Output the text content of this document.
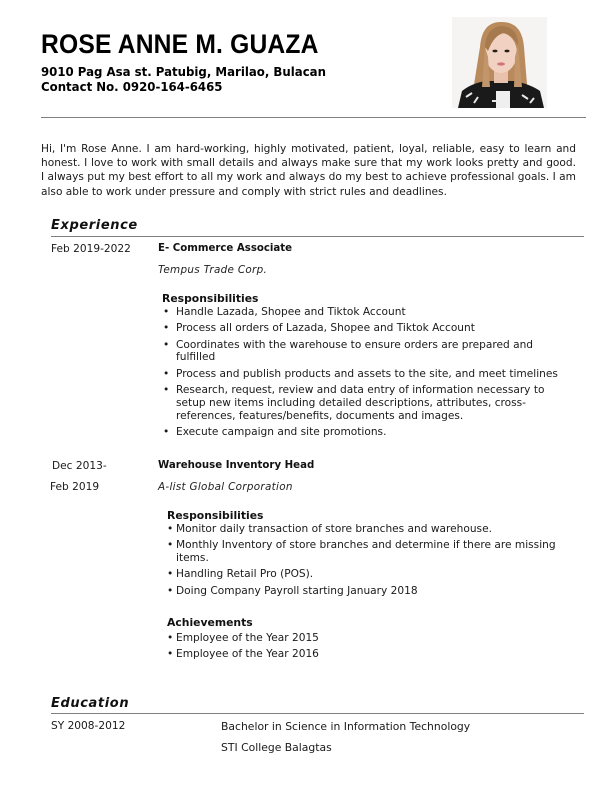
ROSE ANNE M. GUAZA
9010 Pag Asa st. Patubig, Marilao, Bulacan
Contact No. 0920-164-6465
Hi, I'm Rose Anne. I am hard-working, highly motivated, patient, loyal, reliable, easy to learn and honest. I love to work with small details and always make sure that my work looks pretty and good. I always put my best effort to all my work and always do my best to achieve professional goals. I am also able to work under pressure and comply with strict rules and deadlines.
Experience
Feb 2019-2022	E- Commerce Associate
Tempus Trade Corp.
Responsibilities
• Handle Lazada, Shopee and Tiktok Account
• Process all orders of Lazada, Shopee and Tiktok Account
• Coordinates with the warehouse to ensure orders are prepared and fulfilled
• Process and publish products and assets to the site, and meet timelines
• Research, request, review and data entry of information necessary to setup new items including detailed descriptions, attributes, cross-references, features/benefits, documents and images.
• Execute campaign and site promotions.
Dec 2013-
Feb 2019
Warehouse Inventory Head
A-list Global Corporation
Responsibilities
• Monitor daily transaction of store branches and warehouse.
• Monthly Inventory of store branches and determine if there are missing items.
• Handling Retail Pro (POS).
• Doing Company Payroll starting January 2018
Achievements
• Employee of the Year 2015
• Employee of the Year 2016
Education
SY 2008-2012	Bachelor in Science in Information Technology
STI College Balagtas
